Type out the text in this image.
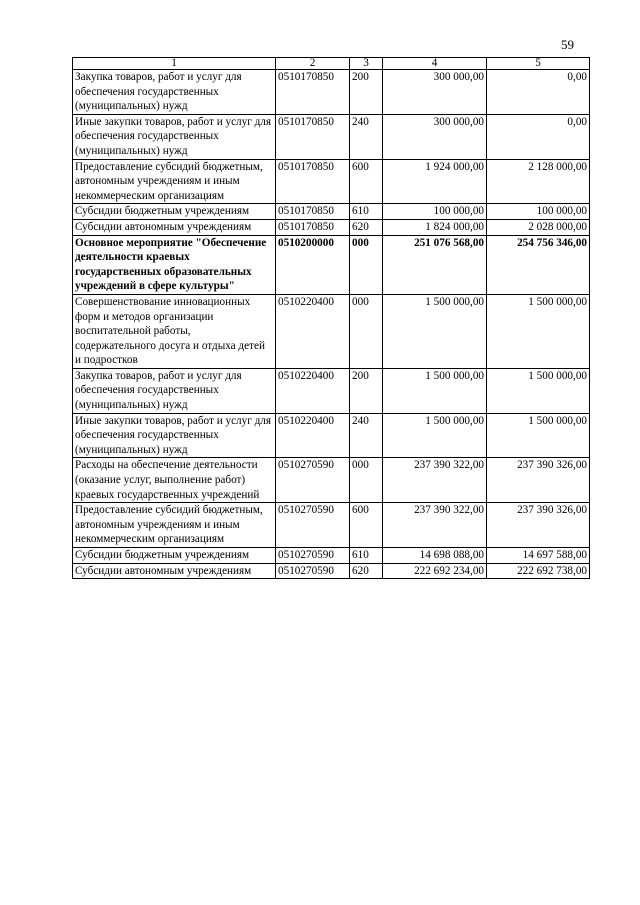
59
1	2	3	4	5
Закупка товаров, работ и услуг для обеспечения государственных (муниципальных) нужд	0510170850	200	300 000,00	0,00
Иные закупки товаров, работ и услуг для обеспечения государственных (муниципальных) нужд	0510170850	240	300 000,00	0,00
Предоставление субсидий бюджетным, автономным учреждениям и иным некоммерческим организациям	0510170850	600	1 924 000,00	2 128 000,00
Субсидии бюджетным учреждениям	0510170850	610	100 000,00	100 000,00
Субсидии автономным учреждениям	0510170850	620	1 824 000,00	2 028 000,00
Основное мероприятие "Обеспечение деятельности краевых государственных образовательных учреждений в сфере культуры"	0510200000	000	251 076 568,00	254 756 346,00
Совершенствование инновационных форм и методов организации воспитательной работы, содержательного досуга и отдыха детей и подростков	0510220400	000	1 500 000,00	1 500 000,00
Закупка товаров, работ и услуг для обеспечения государственных (муниципальных) нужд	0510220400	200	1 500 000,00	1 500 000,00
Иные закупки товаров, работ и услуг для обеспечения государственных (муниципальных) нужд	0510220400	240	1 500 000,00	1 500 000,00
Расходы на обеспечение деятельности (оказание услуг, выполнение работ) краевых государственных учреждений	0510270590	000	237 390 322,00	237 390 326,00
Предоставление субсидий бюджетным, автономным учреждениям и иным некоммерческим организациям	0510270590	600	237 390 322,00	237 390 326,00
Субсидии бюджетным учреждениям	0510270590	610	14 698 088,00	14 697 588,00
Субсидии автономным учреждениям	0510270590	620	222 692 234,00	222 692 738,00
